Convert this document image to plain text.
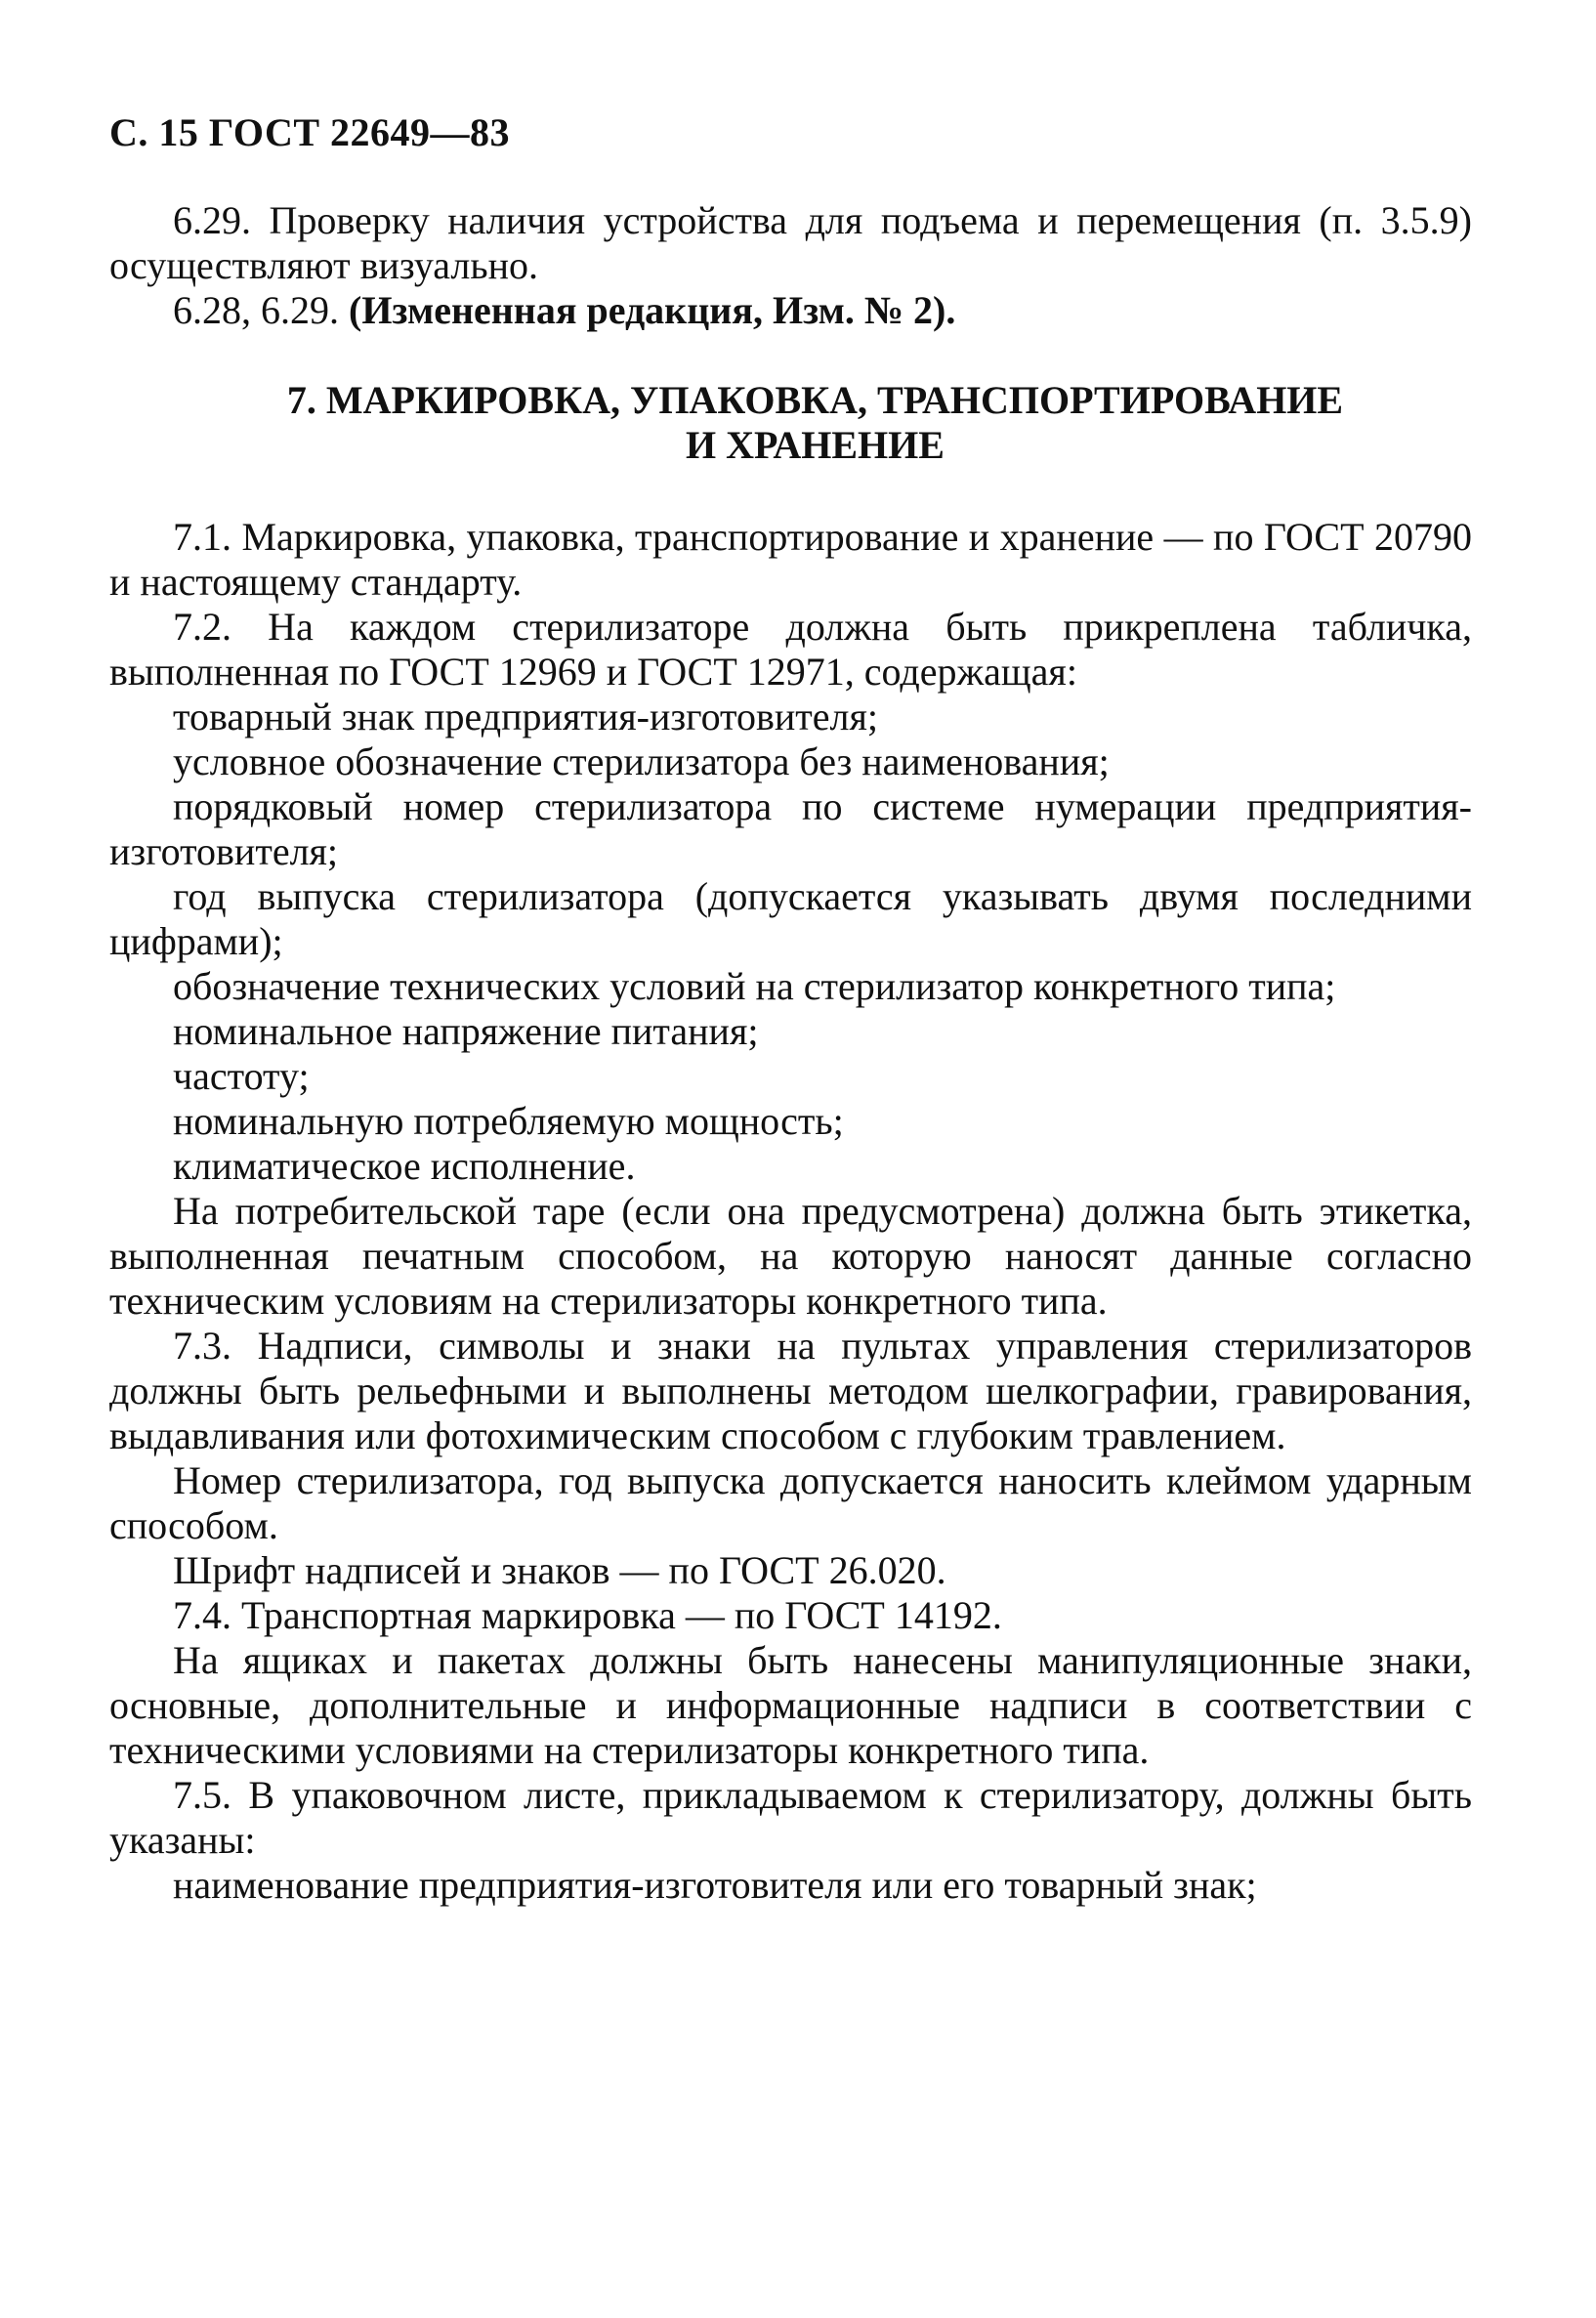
С. 15 ГОСТ 22649—83

6.29. Проверку наличия устройства для подъема и перемещения (п. 3.5.9) осуществляют визуально.

6.28, 6.29. (Измененная редакция, Изм. № 2).

7. МАРКИРОВКА, УПАКОВКА, ТРАНСПОРТИРОВАНИЕ
И ХРАНЕНИЕ

7.1. Маркировка, упаковка, транспортирование и хранение — по ГОСТ 20790 и настоящему стандарту.

7.2. На каждом стерилизаторе должна быть прикреплена табличка, выполненная по ГОСТ 12969 и ГОСТ 12971, содержащая:

товарный знак предприятия-изготовителя;

условное обозначение стерилизатора без наименования;

порядковый номер стерилизатора по системе нумерации предприятия-изготовителя;

год выпуска стерилизатора (допускается указывать двумя последними цифрами);

обозначение технических условий на стерилизатор конкретного типа;

номинальное напряжение питания;

частоту;

номинальную потребляемую мощность;

климатическое исполнение.

На потребительской таре (если она предусмотрена) должна быть этикетка, выполненная печатным способом, на которую наносят данные согласно техническим условиям на стерилизаторы конкретного типа.

7.3. Надписи, символы и знаки на пультах управления стерилизаторов должны быть рельефными и выполнены методом шелкографии, гравирования, выдавливания или фотохимическим способом с глубоким травлением.

Номер стерилизатора, год выпуска допускается наносить клеймом ударным способом.

Шрифт надписей и знаков — по ГОСТ 26.020.

7.4. Транспортная маркировка — по ГОСТ 14192.

На ящиках и пакетах должны быть нанесены манипуляционные знаки, основные, дополнительные и информационные надписи в соответствии с техническими условиями на стерилизаторы конкретного типа.

7.5. В упаковочном листе, прикладываемом к стерилизатору, должны быть указаны:

наименование предприятия-изготовителя или его товарный знак;
